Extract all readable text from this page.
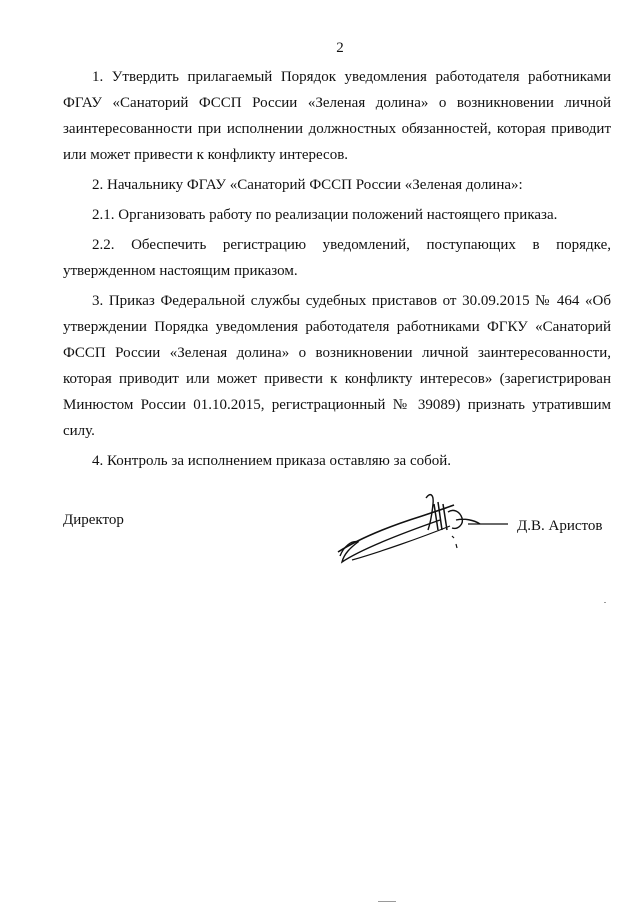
2

1. Утвердить прилагаемый Порядок уведомления работодателя работниками ФГАУ «Санаторий ФССП России «Зеленая долина» о возникновении личной заинтересованности при исполнении должностных обязанностей, которая приводит или может привести к конфликту интересов.

2. Начальнику ФГАУ «Санаторий ФССП России «Зеленая долина»:

2.1. Организовать работу по реализации положений настоящего приказа.

2.2. Обеспечить регистрацию уведомлений, поступающих в порядке, утвержденном настоящим приказом.

3. Приказ Федеральной службы судебных приставов от 30.09.2015 № 464 «Об утверждении Порядка уведомления работодателя работниками ФГКУ «Санаторий ФССП России «Зеленая долина» о возникновении личной заинтересованности, которая приводит или может привести к конфликту интересов» (зарегистрирован Минюстом России 01.10.2015, регистрационный № 39089) признать утратившим силу.

4. Контроль за исполнением приказа оставляю за собой.

Директор	Д.В. Аристов
